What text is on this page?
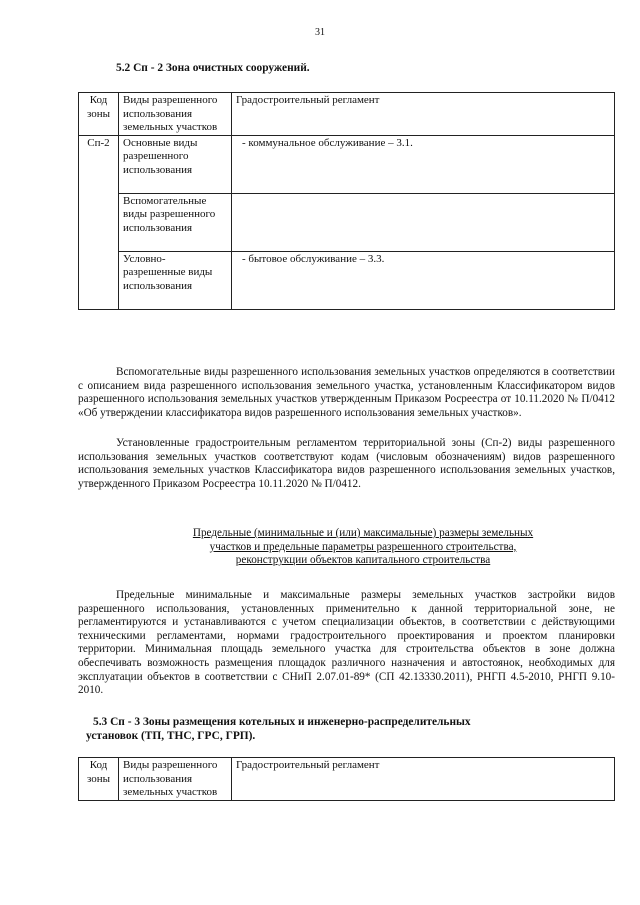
31
5.2 Сп - 2 Зона очистных сооружений.
Код зоны	Виды разрешенного использования земельных участков	Градостроительный регламент
Сп-2	Основные виды разрешенного использования	- коммунальное обслуживание – 3.1.
	Вспомогательные виды разрешенного использования	
	Условно-разрешенные виды использования	- бытовое обслуживание – 3.3.
Вспомогательные виды разрешенного использования земельных участков определяются в соответствии с описанием вида разрешенного использования земельного участка, установленным Классификатором видов разрешенного использования земельных участков утвержденным Приказом Росреестра от 10.11.2020 № П/0412 «Об утверждении классификатора видов разрешенного использования земельных участков».
Установленные градостроительным регламентом территориальной зоны (Сп-2) виды разрешенного использования земельных участков соответствуют кодам (числовым обозначениям) видов разрешенного использования земельных участков Классификатора видов разрешенного использования земельных участков, утвержденного Приказом Росреестра 10.11.2020 № П/0412.
Предельные (минимальные и (или) максимальные) размеры земельных
участков и предельные параметры разрешенного строительства,
реконструкции объектов капитального строительства
Предельные минимальные и максимальные размеры земельных участков застройки видов разрешенного использования, установленных применительно к данной территориальной зоне, не регламентируются и устанавливаются с учетом специализации объектов, в соответствии с действующими техническими регламентами, нормами градостроительного проектирования и проектом планировки территории. Минимальная площадь земельного участка для строительства объектов в зоне должна обеспечивать возможность размещения площадок различного назначения и автостоянок, необходимых для эксплуатации объектов в соответствии с СНиП 2.07.01-89* (СП 42.13330.2011), РНГП 4.5-2010, РНГП 9.10-2010.
5.3 Сп - 3 Зоны размещения котельных и инженерно-распределительных
установок (ТП, ТНС, ГРС, ГРП).
Код зоны	Виды разрешенного использования земельных участков	Градостроительный регламент
